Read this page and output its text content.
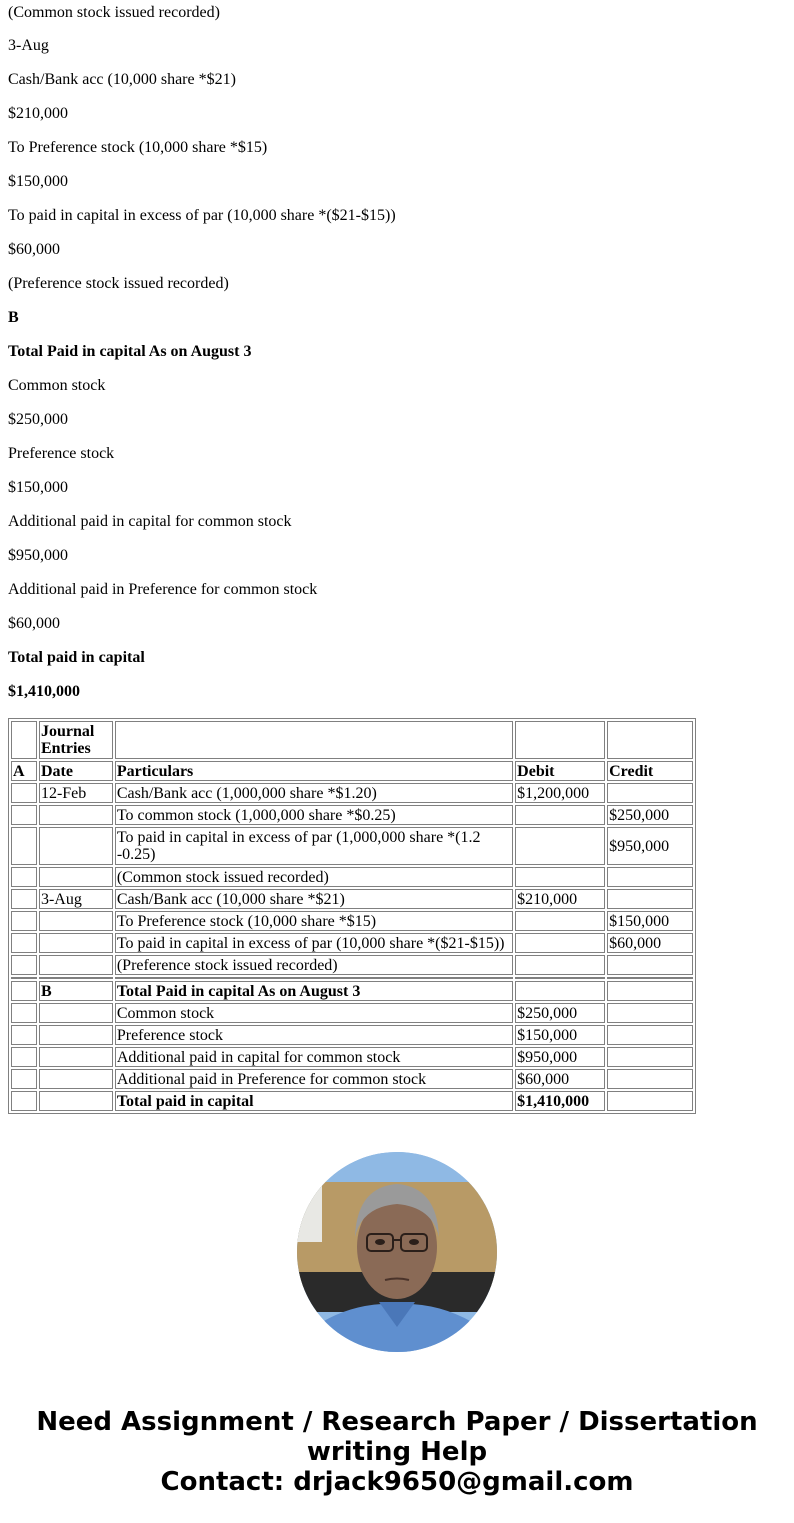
(Common stock issued recorded)

3-Aug

Cash/Bank acc (10,000 share *$21)

$210,000

To Preference stock (10,000 share *$15)

$150,000

To paid in capital in excess of par (10,000 share *($21-$15))

$60,000

(Preference stock issued recorded)

B

Total Paid in capital As on August 3

Common stock

$250,000

Preference stock

$150,000

Additional paid in capital for common stock

$950,000

Additional paid in Preference for common stock

$60,000

Total paid in capital

$1,410,000

	Journal Entries			
A	Date	Particulars	Debit	Credit
	12-Feb	Cash/Bank acc (1,000,000 share *$1.20)	$1,200,000	
		To common stock (1,000,000 share *$0.25)		$250,000
		To paid in capital in excess of par (1,000,000 share *(1.2 -0.25)		$950,000
		(Common stock issued recorded)		
	3-Aug	Cash/Bank acc (10,000 share *$21)	$210,000	
		To Preference stock (10,000 share *$15)		$150,000
		To paid in capital in excess of par (10,000 share *($21-$15))		$60,000
		(Preference stock issued recorded)		

	B	Total Paid in capital As on August 3		
		Common stock	$250,000	
		Preference stock	$150,000	
		Additional paid in capital for common stock	$950,000	
		Additional paid in Preference for common stock	$60,000	
		Total paid in capital	$1,410,000	
Need Assignment / Research Paper / Dissertation
writing Help
Contact: drjack9650@gmail.com
